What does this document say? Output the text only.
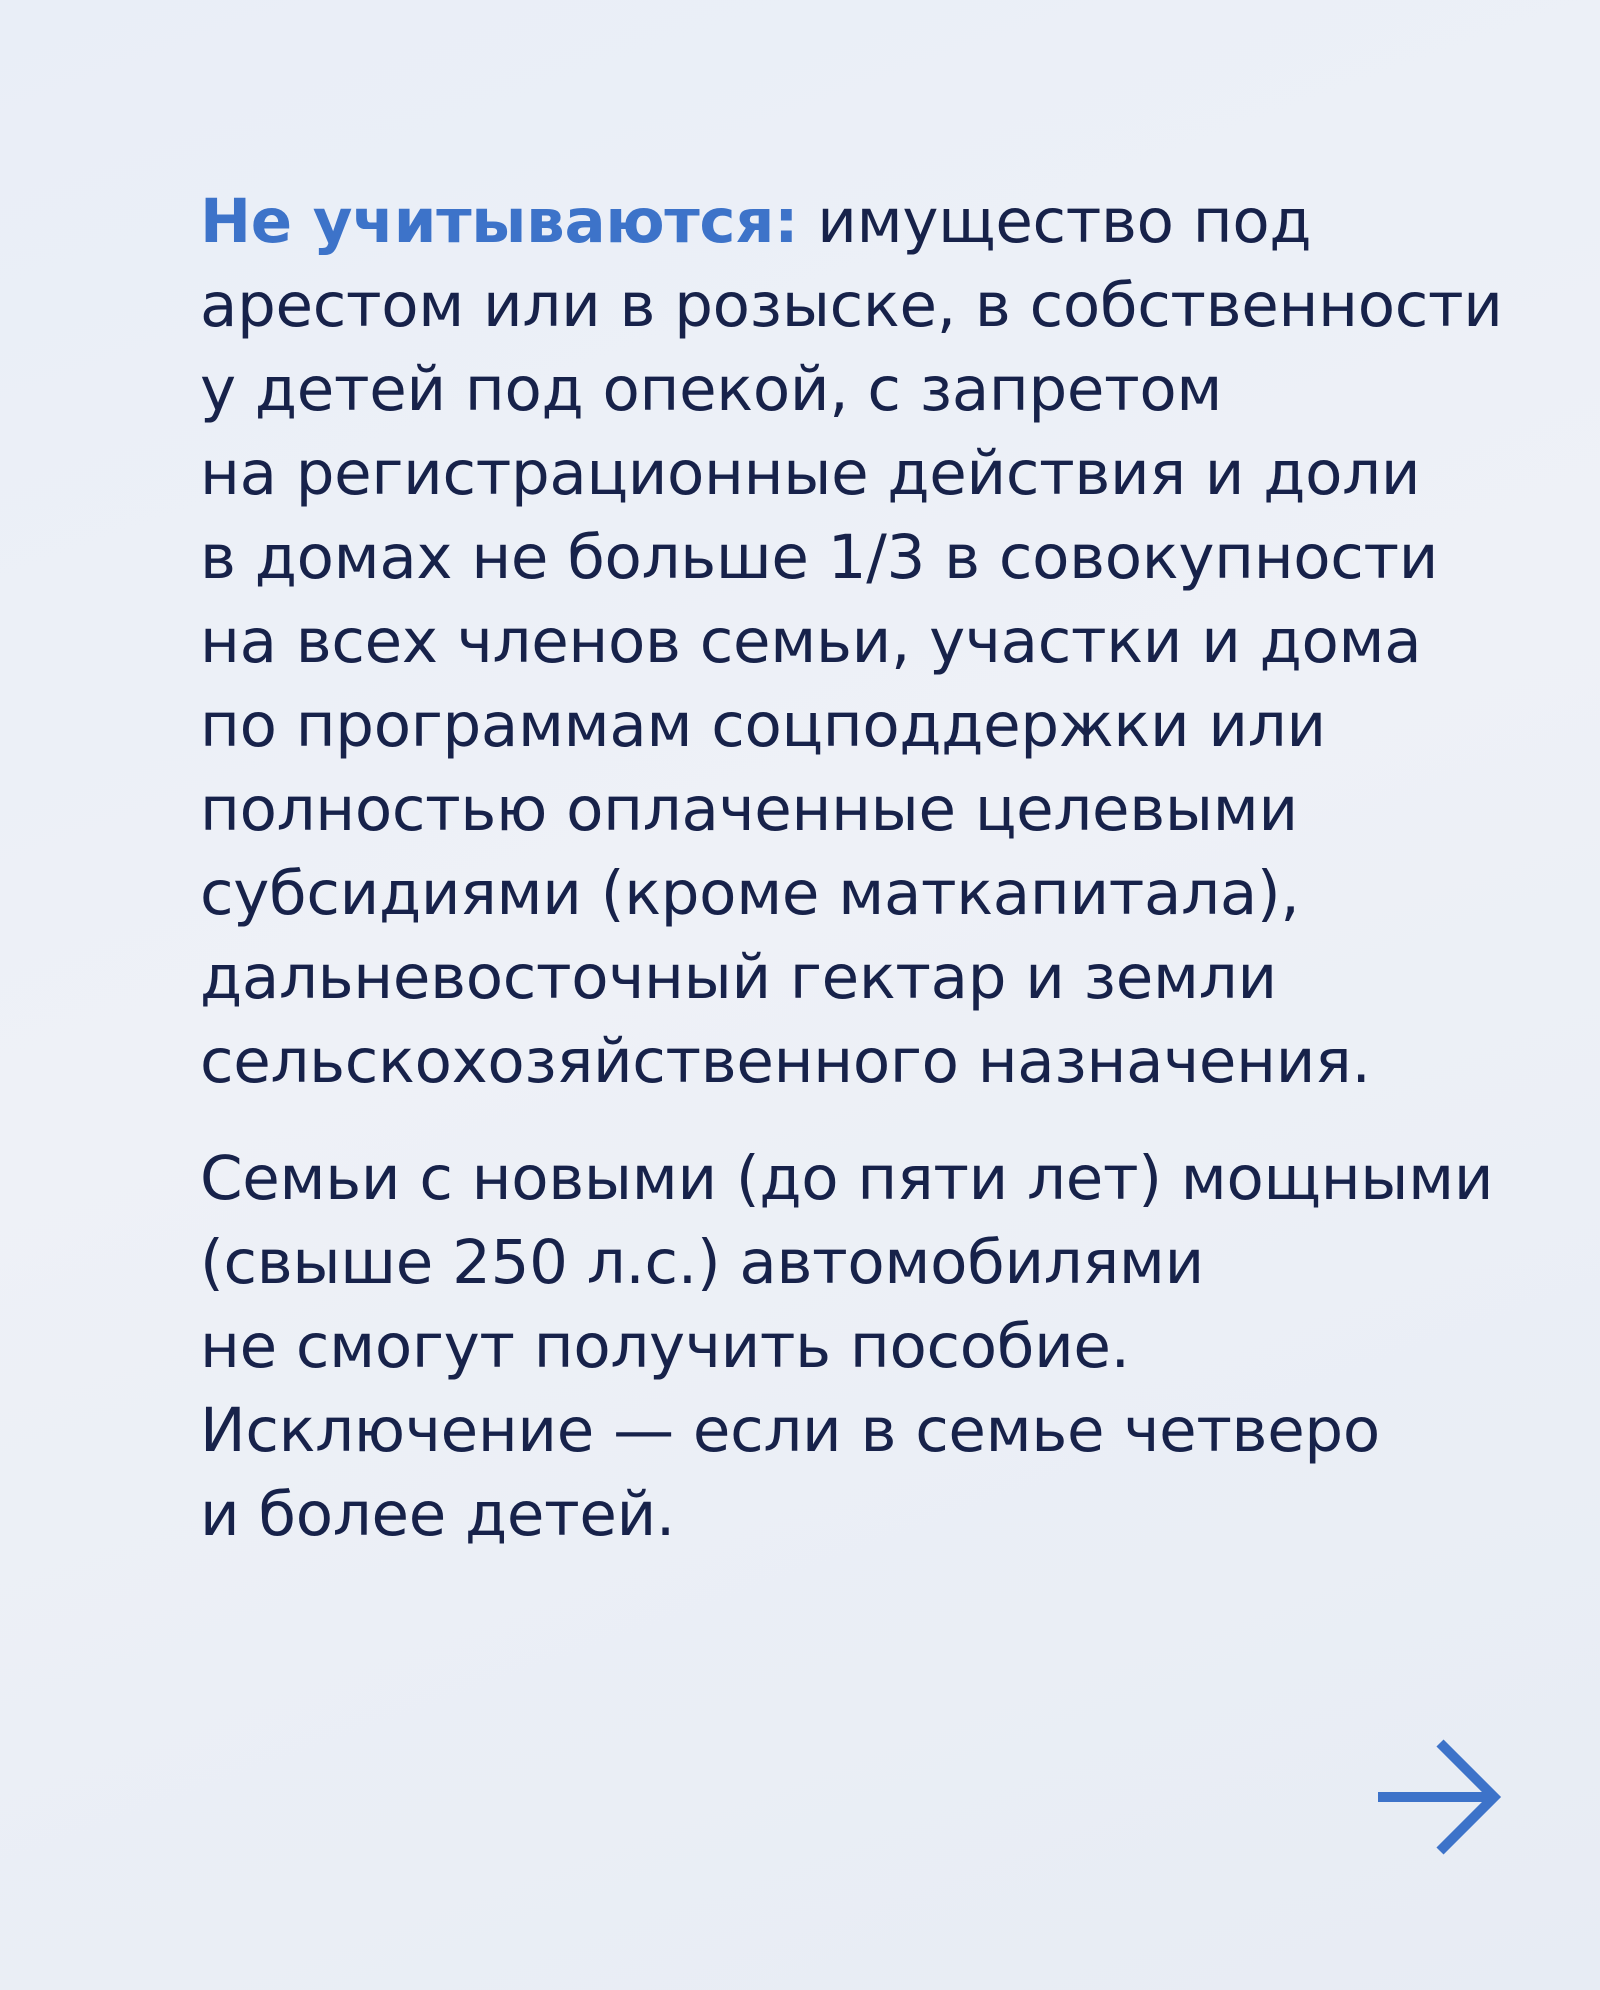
Не учитываются: имущество под
арестом или в розыске, в собственности
у детей под опекой, с запретом
на регистрационные действия и доли
в домах не больше 1/3 в совокупности
на всех членов семьи, участки и дома
по программам соцподдержки или
полностью оплаченные целевыми
субсидиями (кроме маткапитала),
дальневосточный гектар и земли
сельскохозяйственного назначения.

Семьи с новыми (до пяти лет) мощными
(свыше 250 л.с.) автомобилями
не смогут получить пособие.
Исключение — если в семье четверо
и более детей.
